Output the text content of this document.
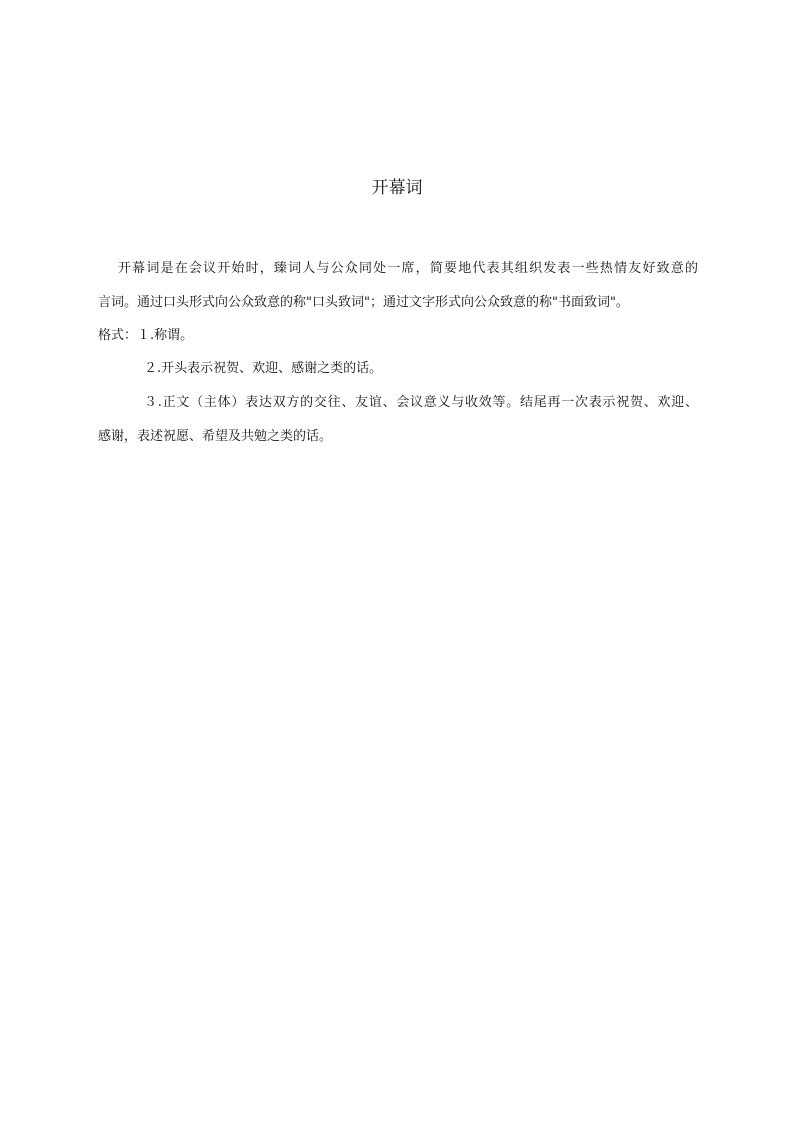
开幕词
开幕词是在会议开始时，臻词人与公众同处一席，简要地代表其组织发表一些热情友好致意的
言词。通过口头形式向公众致意的称"口头致词"；通过文字形式向公众致意的称"书面致词"。
格式：１.称谓。
２.开头表示祝贺、欢迎、感谢之类的话。
３.正文（主体）表达双方的交往、友谊、会议意义与收效等。结尾再一次表示祝贺、欢迎、
感谢，表述祝愿、希望及共勉之类的话。
